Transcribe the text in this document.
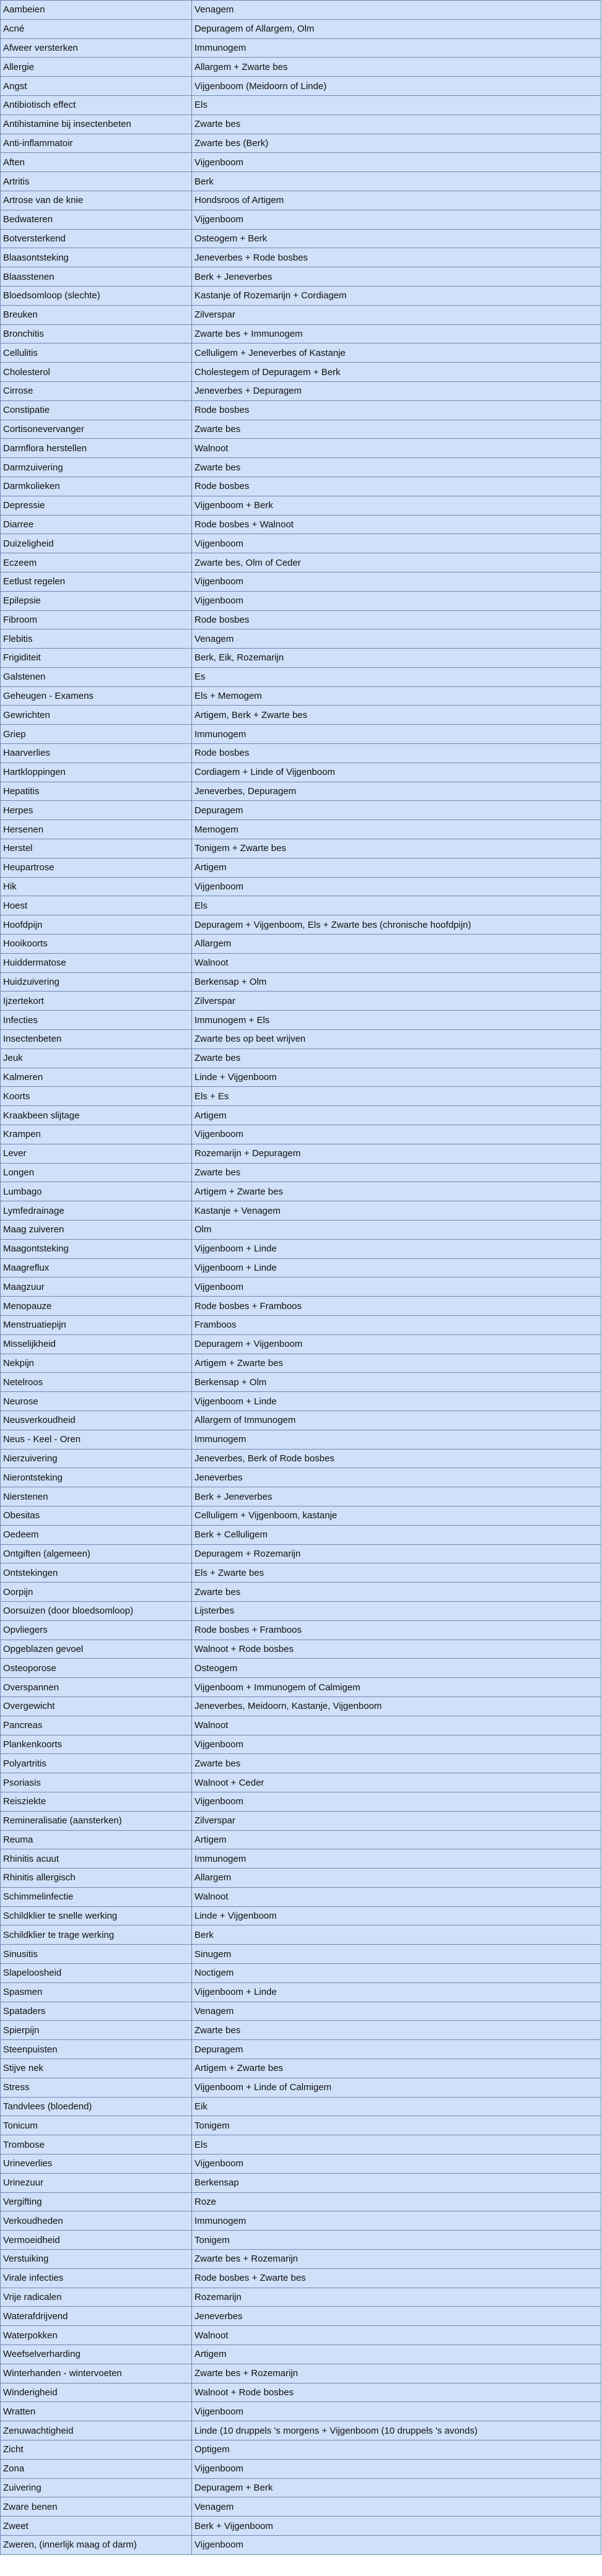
Aambeien	Venagem
Acné	Depuragem of Allargem, Olm
Afweer versterken	Immunogem
Allergie	Allargem + Zwarte bes
Angst	Vijgenboom (Meidoorn of Linde)
Antibiotisch effect	Els
Antihistamine bij insectenbeten	Zwarte bes
Anti-inflammatoir	Zwarte bes (Berk)
Aften	Vijgenboom
Artritis	Berk
Artrose van de knie	Hondsroos of Artigem
Bedwateren	Vijgenboom
Botversterkend	Osteogem + Berk
Blaasontsteking	Jeneverbes + Rode bosbes
Blaasstenen	Berk + Jeneverbes
Bloedsomloop (slechte)	Kastanje of Rozemarijn + Cordiagem
Breuken	Zilverspar
Bronchitis	Zwarte bes + Immunogem
Cellulitis	Celluligem + Jeneverbes of Kastanje
Cholesterol	Cholestegem of Depuragem + Berk
Cirrose	Jeneverbes + Depuragem
Constipatie	Rode bosbes
Cortisonevervanger	Zwarte bes
Darmflora herstellen	Walnoot
Darmzuivering	Zwarte bes
Darmkolieken	Rode bosbes
Depressie	Vijgenboom + Berk
Diarree	Rode bosbes + Walnoot
Duizeligheid	Vijgenboom
Eczeem	Zwarte bes, Olm of Ceder
Eetlust regelen	Vijgenboom
Epilepsie	Vijgenboom
Fibroom	Rode bosbes
Flebitis	Venagem
Frigiditeit	Berk, Eik, Rozemarijn
Galstenen	Es
Geheugen - Examens	Els + Memogem
Gewrichten	Artigem, Berk + Zwarte bes
Griep	Immunogem
Haarverlies	Rode bosbes
Hartkloppingen	Cordiagem + Linde of Vijgenboom
Hepatitis	Jeneverbes, Depuragem
Herpes	Depuragem
Hersenen	Memogem
Herstel	Tonigem + Zwarte bes
Heupartrose	Artigem
Hik	Vijgenboom
Hoest	Els
Hoofdpijn	Depuragem + Vijgenboom, Els + Zwarte bes (chronische hoofdpijn)
Hooikoorts	Allargem
Huiddermatose	Walnoot
Huidzuivering	Berkensap + Olm
Ijzertekort	Zilverspar
Infecties	Immunogem + Els
Insectenbeten	Zwarte bes op beet wrijven
Jeuk	Zwarte bes
Kalmeren	Linde + Vijgenboom
Koorts	Els + Es
Kraakbeen slijtage	Artigem
Krampen	Vijgenboom
Lever	Rozemarijn + Depuragem
Longen	Zwarte bes
Lumbago	Artigem + Zwarte bes
Lymfedrainage	Kastanje + Venagem
Maag zuiveren	Olm
Maagontsteking	Vijgenboom + Linde
Maagreflux	Vijgenboom + Linde
Maagzuur	Vijgenboom
Menopauze	Rode bosbes + Framboos
Menstruatiepijn	Framboos
Misselijkheid	Depuragem + Vijgenboom
Nekpijn	Artigem + Zwarte bes
Netelroos	Berkensap + Olm
Neurose	Vijgenboom + Linde
Neusverkoudheid	Allargem of Immunogem
Neus - Keel - Oren	Immunogem
Nierzuivering	Jeneverbes, Berk of Rode bosbes
Nierontsteking	Jeneverbes
Nierstenen	Berk + Jeneverbes
Obesitas	Celluligem + Vijgenboom, kastanje
Oedeem	Berk + Celluligem
Ontgiften (algemeen)	Depuragem + Rozemarijn
Ontstekingen	Els + Zwarte bes
Oorpijn	Zwarte bes
Oorsuizen (door bloedsomloop)	Lijsterbes
Opvliegers	Rode bosbes + Framboos
Opgeblazen gevoel	Walnoot + Rode bosbes
Osteoporose	Osteogem
Overspannen	Vijgenboom + Immunogem of Calmigem
Overgewicht	Jeneverbes, Meidoorn, Kastanje, Vijgenboom
Pancreas	Walnoot
Plankenkoorts	Vijgenboom
Polyartritis	Zwarte bes
Psoriasis	Walnoot + Ceder
Reisziekte	Vijgenboom
Remineralisatie (aansterken)	Zilverspar
Reuma	Artigem
Rhinitis acuut	Immunogem
Rhinitis allergisch	Allargem
Schimmelinfectie	Walnoot
Schildklier te snelle werking	Linde + Vijgenboom
Schildklier te trage werking	Berk
Sinusitis	Sinugem
Slapeloosheid	Noctigem
Spasmen	Vijgenboom + Linde
Spataders	Venagem
Spierpijn	Zwarte bes
Steenpuisten	Depuragem
Stijve nek	Artigem + Zwarte bes
Stress	Vijgenboom + Linde of Calmigem
Tandvlees (bloedend)	Eik
Tonicum	Tonigem
Trombose	Els
Urineverlies	Vijgenboom
Urinezuur	Berkensap
Vergifting	Roze
Verkoudheden	Immunogem
Vermoeidheid	Tonigem
Verstuiking	Zwarte bes + Rozemarijn
Virale infecties	Rode bosbes + Zwarte bes
Vrije radicalen	Rozemarijn
Waterafdrijvend	Jeneverbes
Waterpokken	Walnoot
Weefselverharding	Artigem
Winterhanden - wintervoeten	Zwarte bes + Rozemarijn
Winderigheid	Walnoot + Rode bosbes
Wratten	Vijgenboom
Zenuwachtigheid	Linde (10 druppels 's morgens + Vijgenboom (10 druppels 's avonds)
Zicht	Optigem
Zona	Vijgenboom
Zuivering	Depuragem + Berk
Zware benen	Venagem
Zweet	Berk + Vijgenboom
Zweren, (innerlijk maag of darm)	Vijgenboom
